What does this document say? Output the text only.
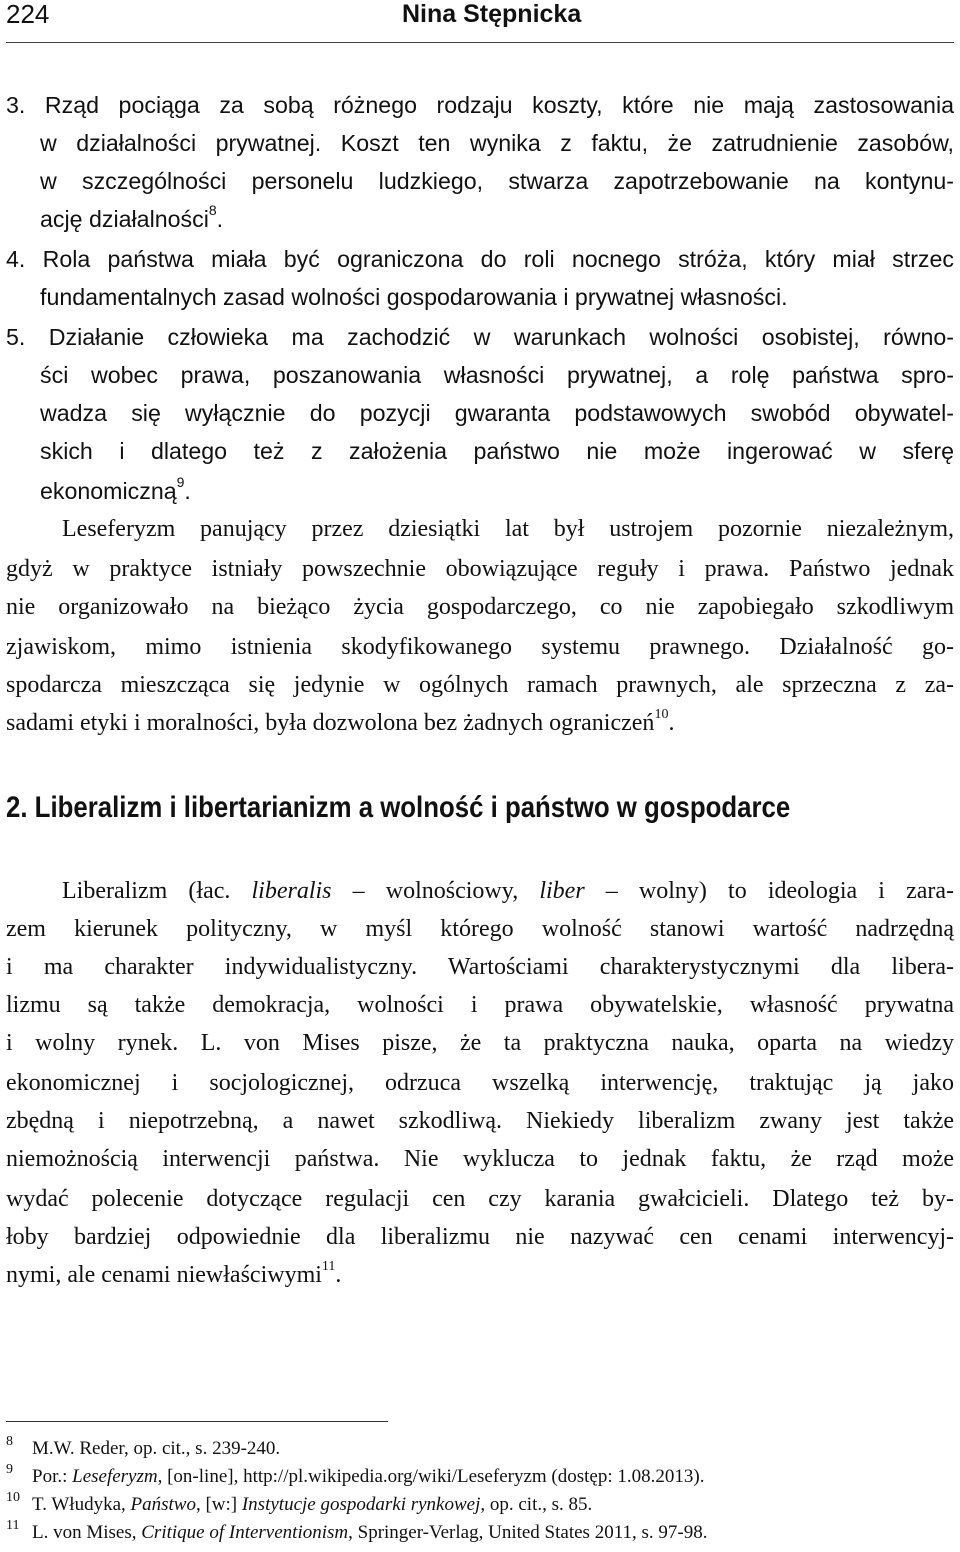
224	Nina Stępnicka
3. Rząd pociąga za sobą różnego rodzaju koszty, które nie mają zastosowania
w działalności prywatnej. Koszt ten wynika z faktu, że zatrudnienie zasobów,
w szczególności personelu ludzkiego, stwarza zapotrzebowanie na kontynu-
ację działalności$^8$.
4. Rola państwa miała być ograniczona do roli nocnego stróża, który miał strzec
fundamentalnych zasad wolności gospodarowania i prywatnej własności.
5. Działanie człowieka ma zachodzić w warunkach wolności osobistej, równo-
ści wobec prawa, poszanowania własności prywatnej, a rolę państwa spro-
wadza się wyłącznie do pozycji gwaranta podstawowych swobód obywatel-
skich i dlatego też z założenia państwo nie może ingerować w sferę
ekonomiczną$^9$.
Leseferyzm panujący przez dziesiątki lat był ustrojem pozornie niezależnym,
gdyż w praktyce istniały powszechnie obowiązujące reguły i prawa. Państwo jednak
nie organizowało na bieżąco życia gospodarczego, co nie zapobiegało szkodliwym
zjawiskom, mimo istnienia skodyfikowanego systemu prawnego. Działalność go-
spodarcza mieszcząca się jedynie w ogólnych ramach prawnych, ale sprzeczna z za-
sadami etyki i moralności, była dozwolona bez żadnych ograniczeń$^{10}$.
2. Liberalizm i libertarianizm a wolność i państwo w gospodarce
Liberalizm (łac. liberalis – wolnościowy, liber – wolny) to ideologia i zara-
zem kierunek polityczny, w myśl którego wolność stanowi wartość nadrzędną
i ma charakter indywidualistyczny. Wartościami charakterystycznymi dla libera-
lizmu są także demokracja, wolności i prawa obywatelskie, własność prywatna
i wolny rynek. L. von Mises pisze, że ta praktyczna nauka, oparta na wiedzy
ekonomicznej i socjologicznej, odrzuca wszelką interwencję, traktując ją jako
zbędną i niepotrzebną, a nawet szkodliwą. Niekiedy liberalizm zwany jest także
niemożnością interwencji państwa. Nie wyklucza to jednak faktu, że rząd może
wydać polecenie dotyczące regulacji cen czy karania gwałcicieli. Dlatego też by-
łoby bardziej odpowiednie dla liberalizmu nie nazywać cen cenami interwencyj-
nymi, ale cenami niewłaściwymi$^{11}$.
8 M.W. Reder, op. cit., s. 239-240.
9 Por.: Leseferyzm, [on-line], http://pl.wikipedia.org/wiki/Leseferyzm (dostęp: 1.08.2013).
10 T. Włudyka, Państwo, [w:] Instytucje gospodarki rynkowej, op. cit., s. 85.
11 L. von Mises, Critique of Interventionism, Springer-Verlag, United States 2011, s. 97-98.
